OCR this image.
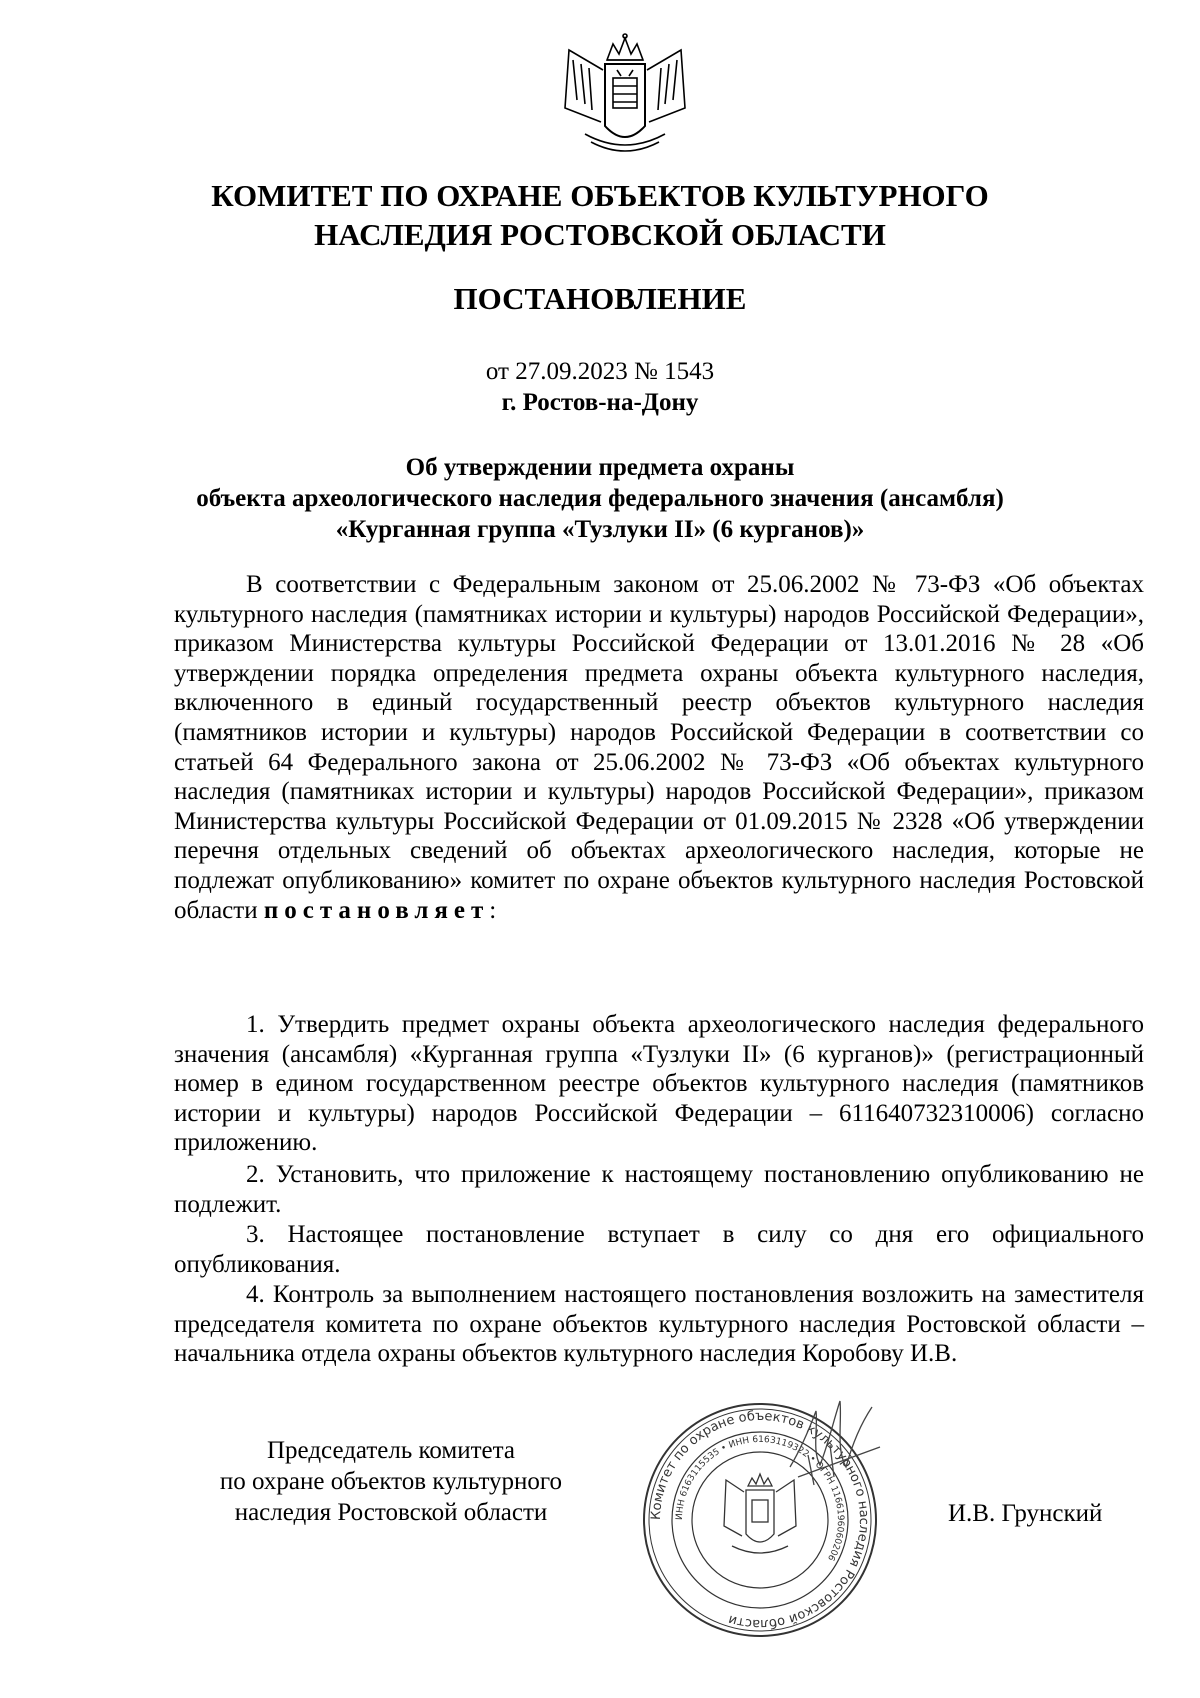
КОМИТЕТ ПО ОХРАНЕ ОБЪЕКТОВ КУЛЬТУРНОГО
НАСЛЕДИЯ РОСТОВСКОЙ ОБЛАСТИ
ПОСТАНОВЛЕНИЕ
от 27.09.2023 № 1543
г. Ростов-на-Дону
Об утверждении предмета охраны
объекта археологического наследия федерального значения (ансамбля)
«Курганная группа «Тузлуки II» (6 курганов)»
В соответствии с Федеральным законом от 25.06.2002 № 73-ФЗ «Об объектах культурного наследия (памятниках истории и культуры) народов Российской Федерации», приказом Министерства культуры Российской Федерации от 13.01.2016 № 28 «Об утверждении порядка определения предмета охраны объекта культурного наследия, включенного в единый государственный реестр объектов культурного наследия (памятников истории и культуры) народов Российской Федерации в соответствии со статьей 64 Федерального закона от 25.06.2002 № 73-ФЗ «Об объектах культурного наследия (памятниках истории и культуры) народов Российской Федерации», приказом Министерства культуры Российской Федерации от 01.09.2015 № 2328 «Об утверждении перечня отдельных сведений об объектах археологического наследия, которые не подлежат опубликованию» комитет по охране объектов культурного наследия Ростовской области постановляет:
1. Утвердить предмет охраны объекта археологического наследия федерального значения (ансамбля) «Курганная группа «Тузлуки II» (6 курганов)» (регистрационный номер в едином государственном реестре объектов культурного наследия (памятников истории и культуры) народов Российской Федерации – 611640732310006) согласно приложению.
2. Установить, что приложение к настоящему постановлению опубликованию не подлежит.
3. Настоящее постановление вступает в силу со дня его официального опубликования.
4. Контроль за выполнением настоящего постановления возложить на заместителя председателя комитета по охране объектов культурного наследия Ростовской области – начальника отдела охраны объектов культурного наследия Коробову И.В.
Председатель комитета
по охране объектов культурного
наследия Ростовской области	Комитет по охране объектов культурного наследия Ростовской области
ИНН 6163115535 • ИНН 6163119322 • ОГРН 1166196060206
И.В. Грунский
